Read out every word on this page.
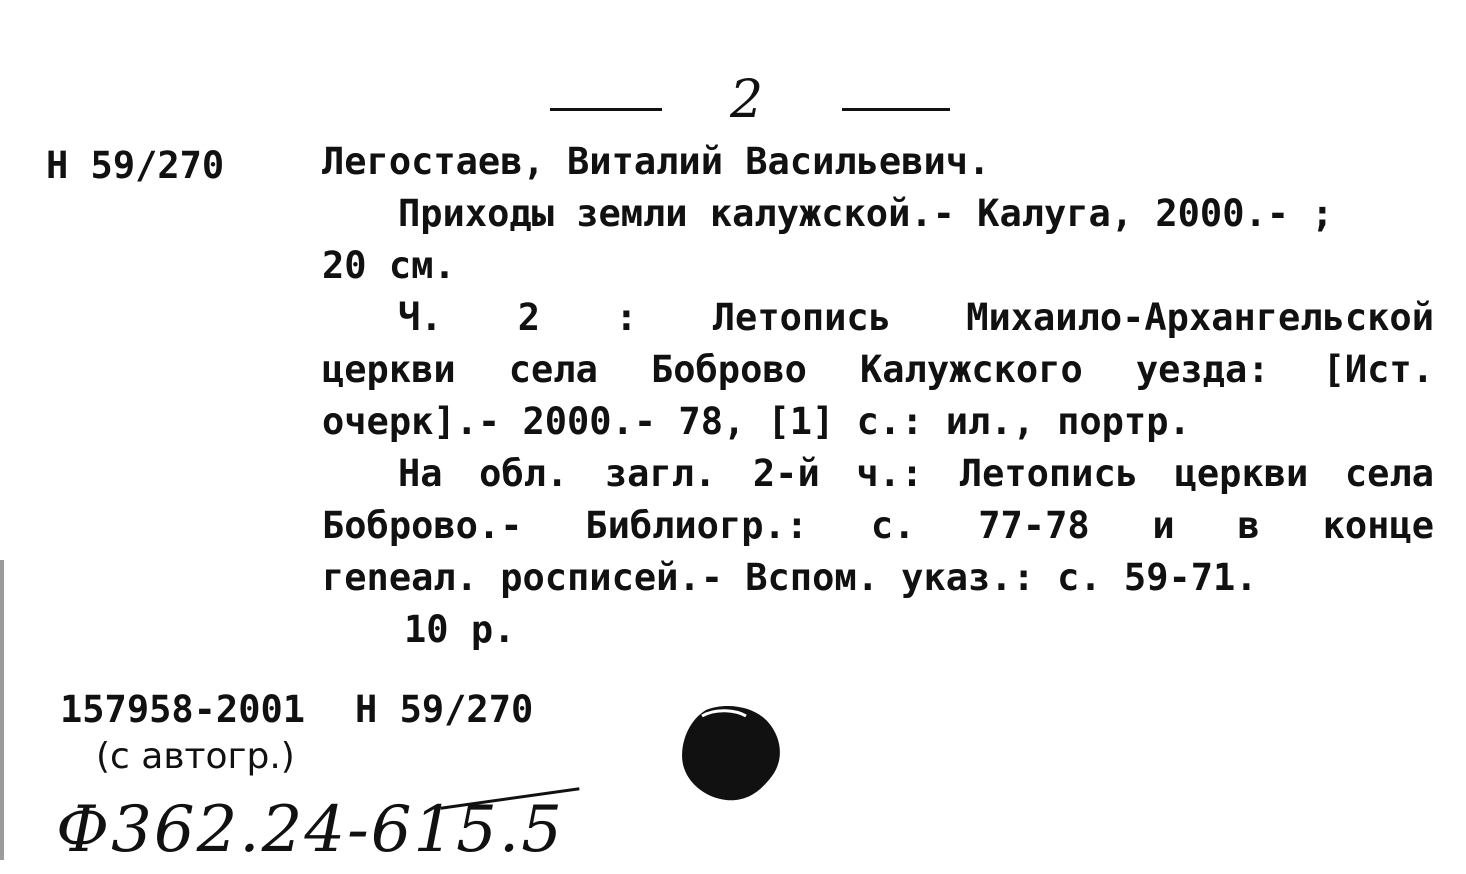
2
Н 59/270	Легостаев, Виталий Васильевич.
Приходы земли калужской.- Калуга, 2000.- ;
20 см.
Ч. 2 : Летопись Михаило-Архангельской
церкви села Боброво Калужского уезда: [Ист.
очерк].- 2000.- 78, [1] с.: ил., портр.
На обл. загл. 2-й ч.: Летопись церкви села
Боброво.- Библиогр.: с. 77-78 и в конце
геneал. росписей.- Вспом. указ.: с. 59-71.
10 р.
157958-2001 Н 59/270
(с автогр.)
Ф362.24-615.5
